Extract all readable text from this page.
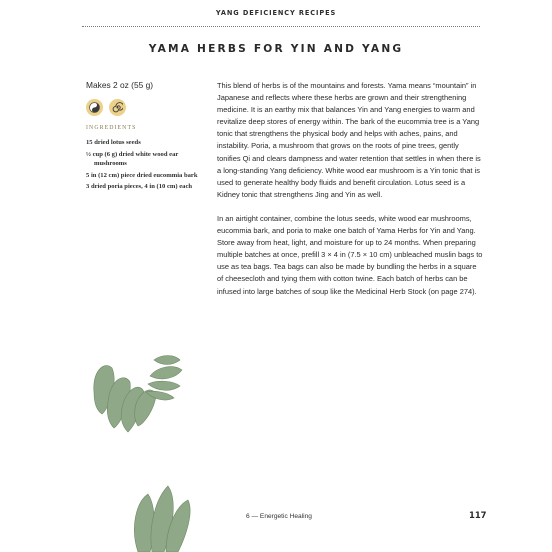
YANG DEFICIENCY RECIPES
YAMA HERBS FOR YIN AND YANG
Makes 2 oz (55 g)
INGREDIENTS
15 dried lotus seeds
½ cup (6 g) dried white wood ear mushrooms
5 in (12 cm) piece dried eucommia bark
3 dried poria pieces, 4 in (10 cm) each

This blend of herbs is of the mountains and forests. Yama means “mountain” in Japanese and reflects where these herbs are grown and their strengthening medicine. It is an earthy mix that balances Yin and Yang energies to warm and revitalize deep stores of energy within. The bark of the eucommia tree is a Yang tonic that strengthens the physical body and helps with aches, pains, and instability. Poria, a mushroom that grows on the roots of pine trees, gently tonifies Qi and clears dampness and water retention that settles in when there is a long-standing Yang deficiency. White wood ear mushroom is a Yin tonic that is used to generate healthy body fluids and benefit circulation. Lotus seed is a Kidney tonic that strengthens Jing and Yin as well.

In an airtight container, combine the lotus seeds, white wood ear mushrooms, eucommia bark, and poria to make one batch of Yama Herbs for Yin and Yang. Store away from heat, light, and moisture for up to 24 months. When preparing multiple batches at once, prefill 3 × 4 in (7.5 × 10 cm) unbleached muslin bags to use as tea bags. Tea bags can also be made by bundling the herbs in a square of cheesecloth and tying them with cotton twine. Each batch of herbs can be infused into large batches of soup like the Medicinal Herb Stock (on page 274).

6 — Energetic Healing	117
